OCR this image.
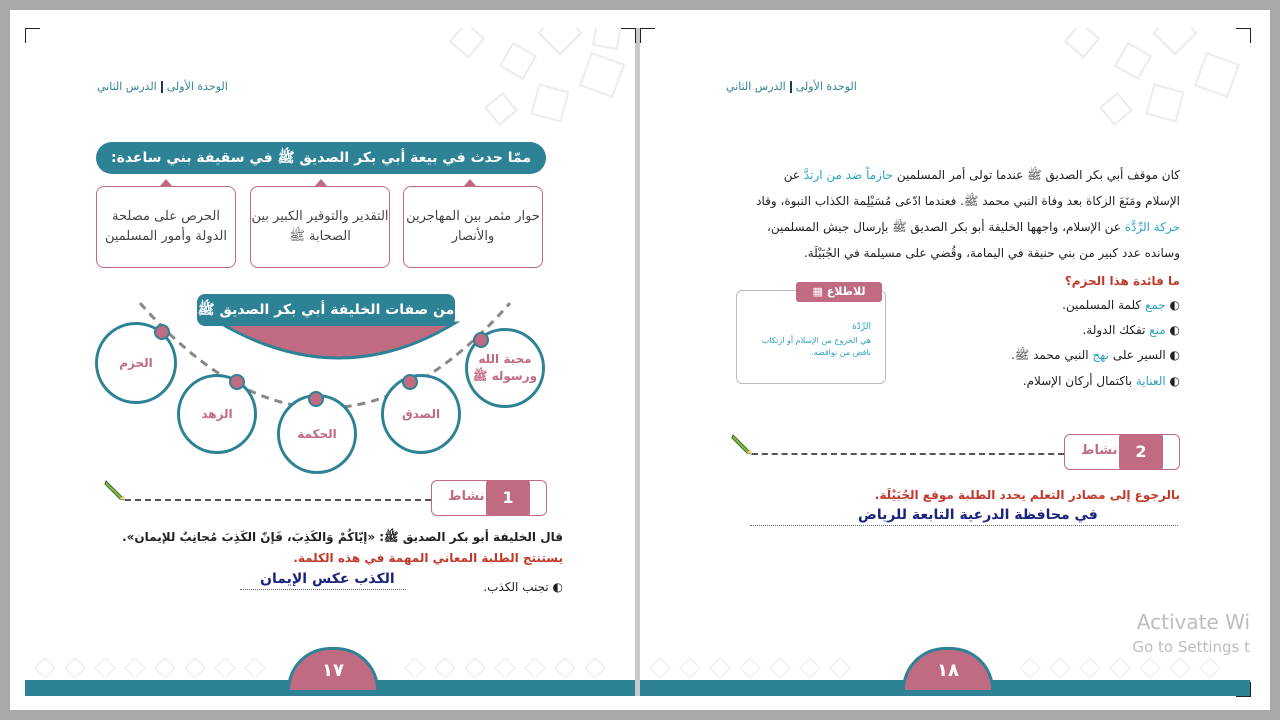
الوحدة الأولىالدرس الثاني
ممّا حدث في بيعة أبي بكر الصديق ﷺ في سقيفة بني ساعدة:
حوار مثمر بين المهاجرين والأنصار
التقدير والتوقير الكبير بين الصحابة ﷺ
الحرص على مصلحة الدولة وأمور المسلمين
من صفات الخليفة أبي بكر الصديق ﷺ
محبة الله ورسوله ﷺ
الصدق
الحكمة
الزهد
الحزم
نشاط	1
قال الخليفة أبو بكر الصديق ﷺ: «إيّاكُمْ وَالكَذِبَ، فَإنّ الكَذِبَ مُجانِبٌ للإيمان».
يستنتج الطلبة المعاني المهمة في هذه الكلمة.
◐ تجنب الكذب.
الكذب عكس الإيمان
١٧
الوحدة الأولىالدرس الثاني
كان موقف أبي بكر الصديق ﷺ عندما تولى أمر المسلمين حازماً ضد من ارتدَّ عن
الإسلام ومَنَعَ الزكاة بعد وفاة النبي محمد ﷺ. فعندما ادّعى مُسَيْلِمة الكذاب النبوة، وقاد
حركة الرِّدَّة عن الإسلام، واجهها الخليفة أبو بكر الصديق ﷺ بإرسال جيش المسلمين،
وسانده عدد كبير من بني حنيفة في اليمامة، وقُضي على مسيلمة في الجُبَيْلَة.
ما فائدة هذا الحزم؟
◐ جمع كلمة المسلمين.
◐ منع تفكك الدولة.
◐ السير على نهج النبي محمد ﷺ.
◐ العناية باكتمال أركان الإسلام.
الرِّدّة
هي الخروج من الإسلام أو ارتكاب ناقض من نواقضه.
▦ للاطلاع
نشاط	2
بالرجوع إلى مصادر التعلم يحدد الطلبة موقع الجُبَيْلَة.
في محافظة الدرعية التابعة للرياض
١٨
Activate Wi
Go to Settings t
